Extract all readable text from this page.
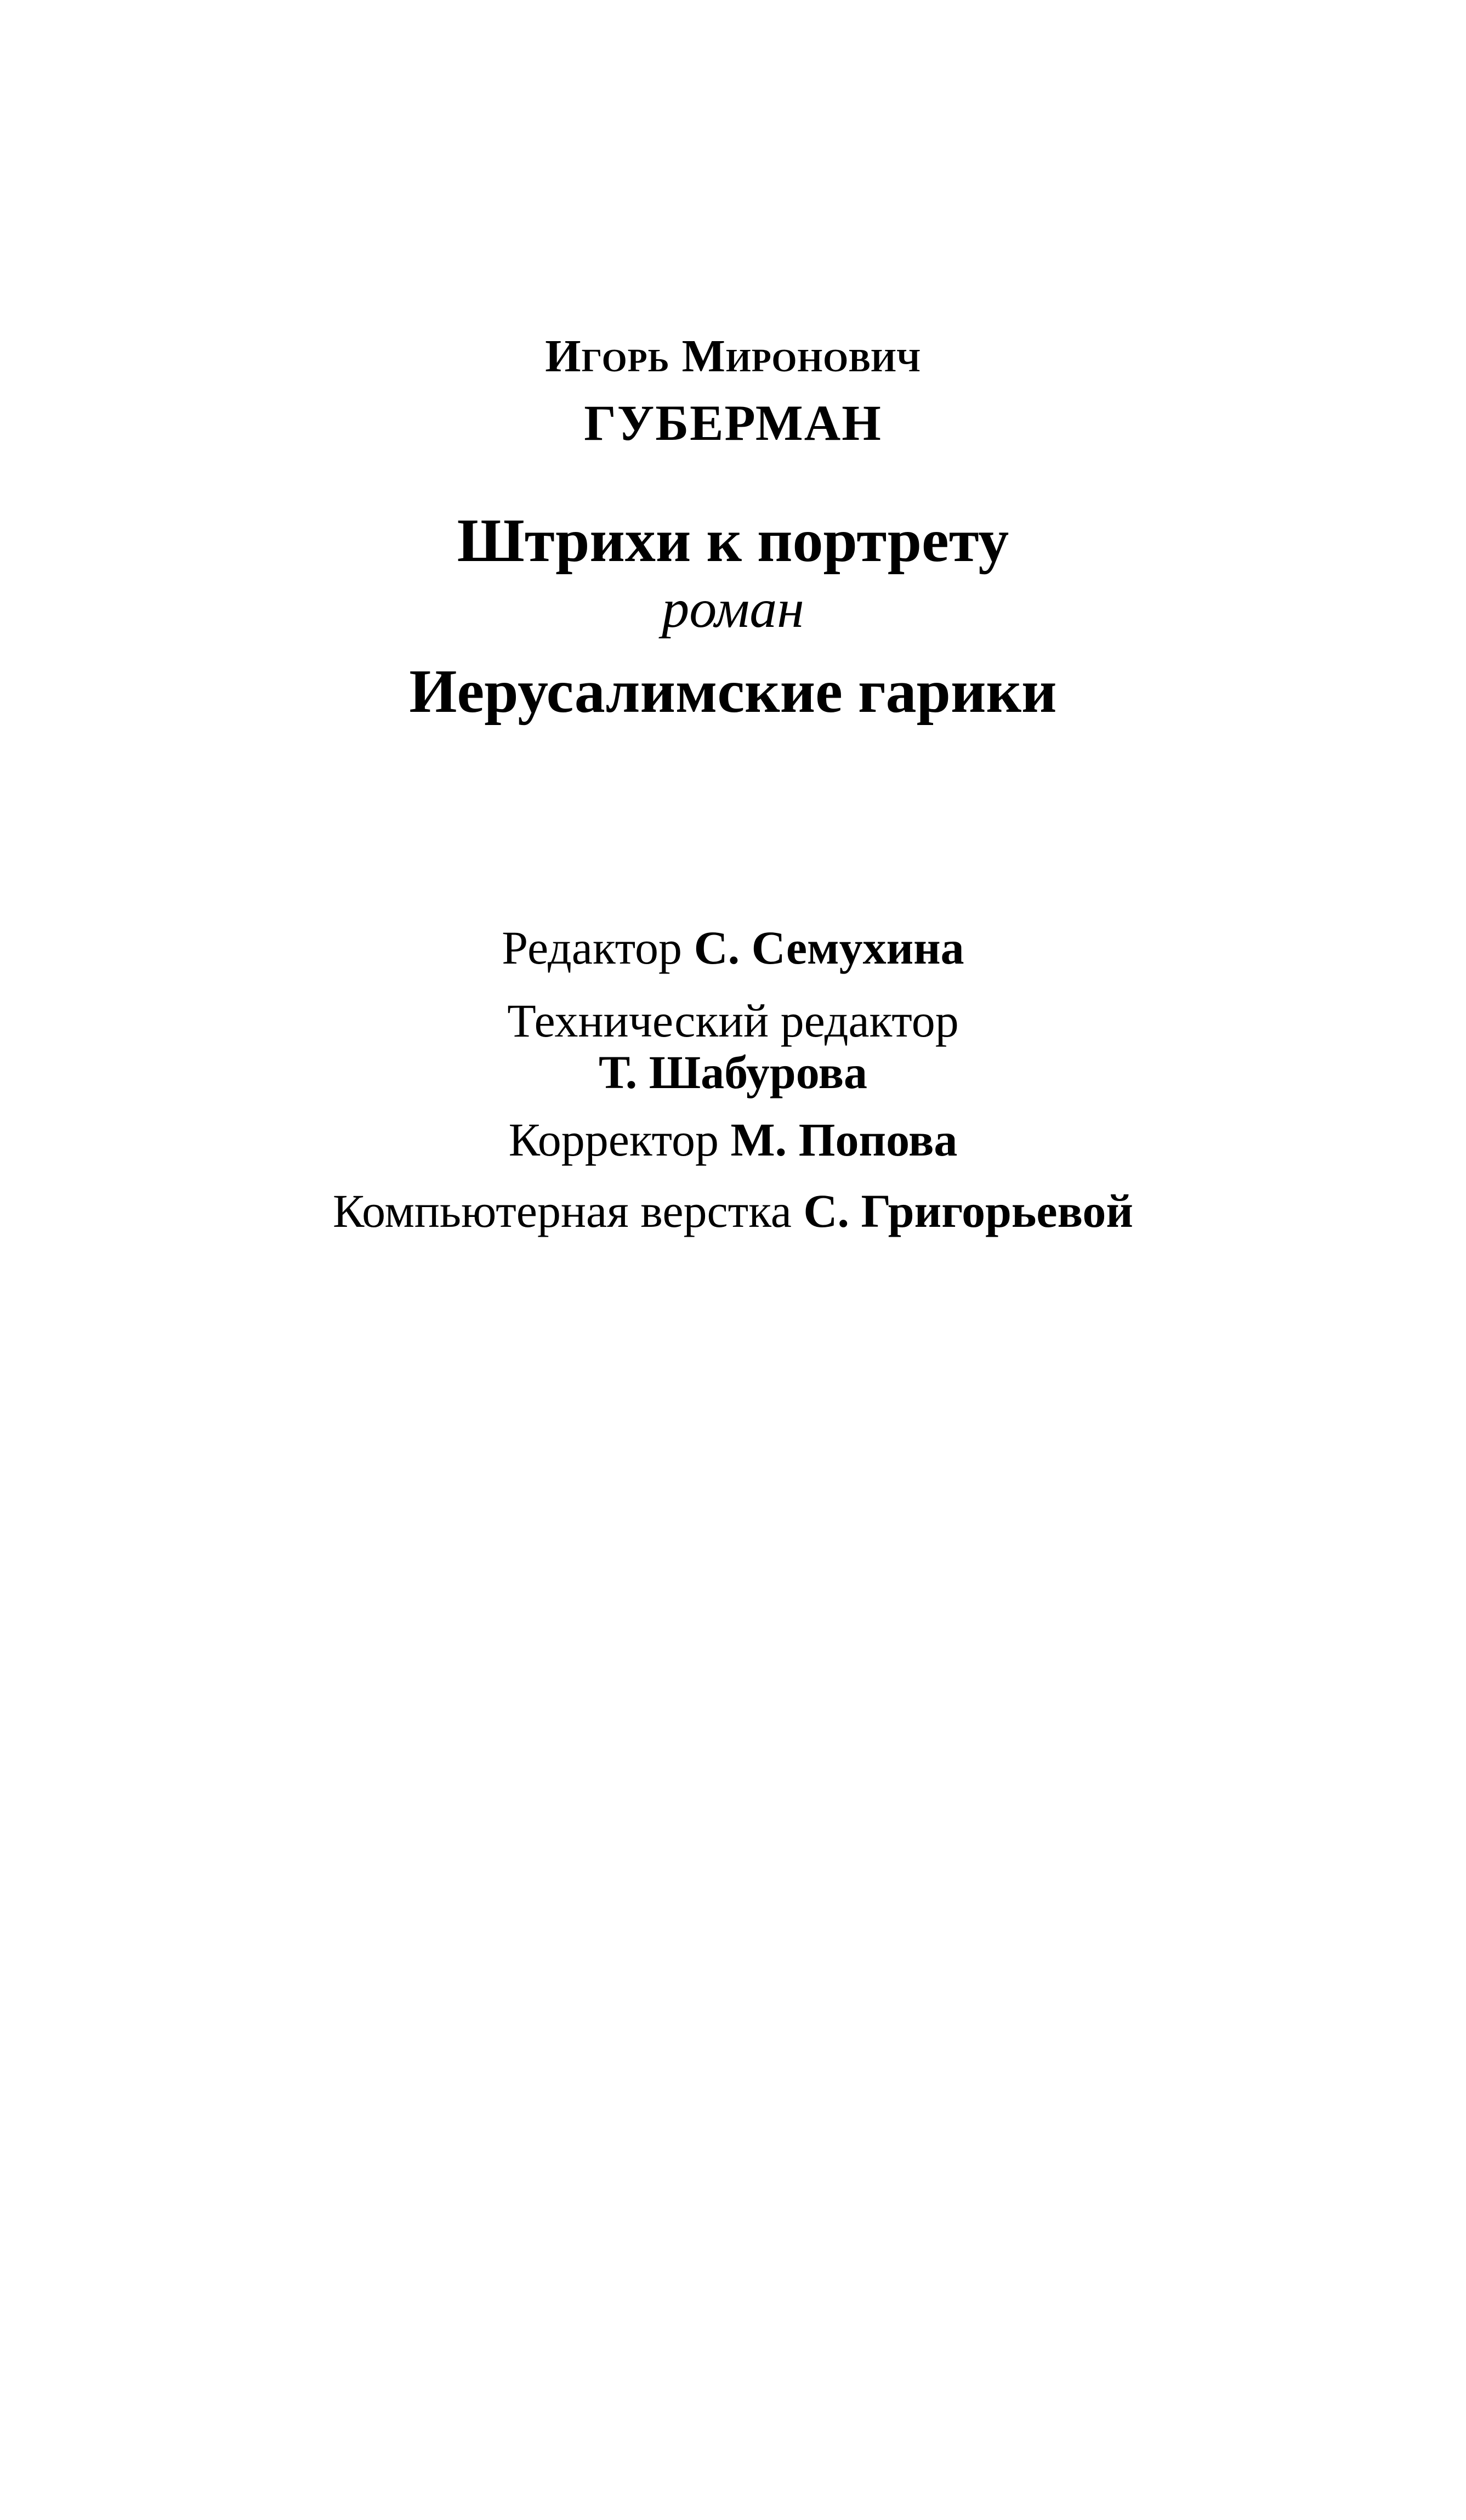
Игорь Миронович
ГУБЕРМАН
Штрихи к портрету
роман
Иерусалимские гарики
Редактор С. Семухина
Технический редактор
Т. Шабурова
Корректор М. Попова
Компьютерная верстка С. Григорьевой
